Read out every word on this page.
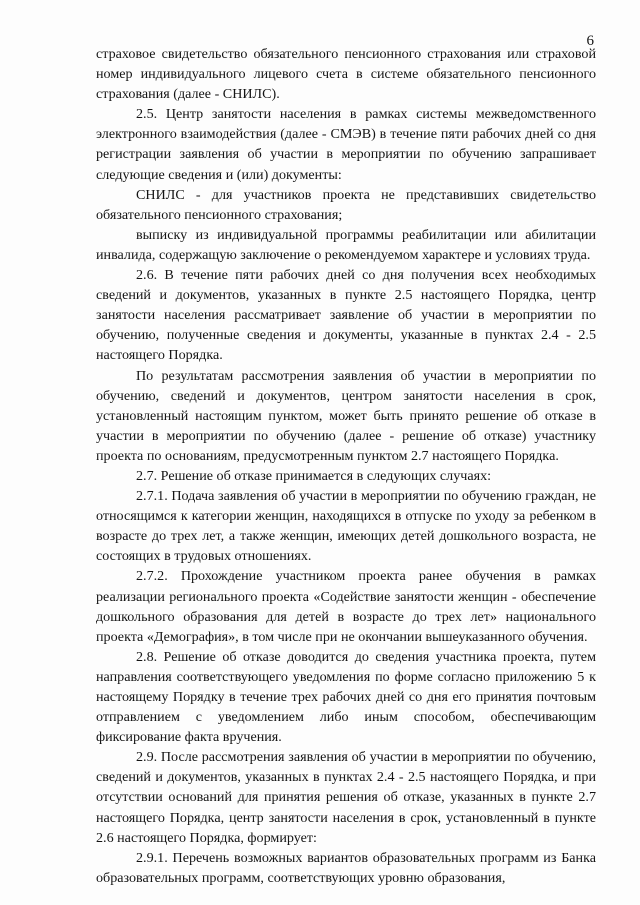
6

страховое свидетельство обязательного пенсионного страхования или страховой номер индивидуального лицевого счета в системе обязательного пенсионного страхования (далее - СНИЛС).

2.5. Центр занятости населения в рамках системы межведомственного электронного взаимодействия (далее - СМЭВ) в течение пяти рабочих дней со дня регистрации заявления об участии в мероприятии по обучению запрашивает следующие сведения и (или) документы:

СНИЛС - для участников проекта не представивших свидетельство обязательного пенсионного страхования;

выписку из индивидуальной программы реабилитации или абилитации инвалида, содержащую заключение о рекомендуемом характере и условиях труда.

2.6. В течение пяти рабочих дней со дня получения всех необходимых сведений и документов, указанных в пункте 2.5 настоящего Порядка, центр занятости населения рассматривает заявление об участии в мероприятии по обучению, полученные сведения и документы, указанные в пунктах 2.4 - 2.5 настоящего Порядка.

По результатам рассмотрения заявления об участии в мероприятии по обучению, сведений и документов, центром занятости населения в срок, установленный настоящим пунктом, может быть принято решение об отказе в участии в мероприятии по обучению (далее - решение об отказе) участнику проекта по основаниям, предусмотренным пунктом 2.7 настоящего Порядка.

2.7. Решение об отказе принимается в следующих случаях:

2.7.1. Подача заявления об участии в мероприятии по обучению граждан, не относящимся к категории женщин, находящихся в отпуске по уходу за ребенком в возрасте до трех лет, а также женщин, имеющих детей дошкольного возраста, не состоящих в трудовых отношениях.

2.7.2. Прохождение участником проекта ранее обучения в рамках реализации регионального проекта «Содействие занятости женщин - обеспечение дошкольного образования для детей в возрасте до трех лет» национального проекта «Демография», в том числе при не окончании вышеуказанного обучения.

2.8. Решение об отказе доводится до сведения участника проекта, путем направления соответствующего уведомления по форме согласно приложению 5 к настоящему Порядку в течение трех рабочих дней со дня его принятия почтовым отправлением с уведомлением либо иным способом, обеспечивающим фиксирование факта вручения.

2.9. После рассмотрения заявления об участии в мероприятии по обучению, сведений и документов, указанных в пунктах 2.4 - 2.5 настоящего Порядка, и при отсутствии оснований для принятия решения об отказе, указанных в пункте 2.7 настоящего Порядка, центр занятости населения в срок, установленный в пункте 2.6 настоящего Порядка, формирует:

2.9.1. Перечень возможных вариантов образовательных программ из Банка образовательных программ, соответствующих уровню образования,
